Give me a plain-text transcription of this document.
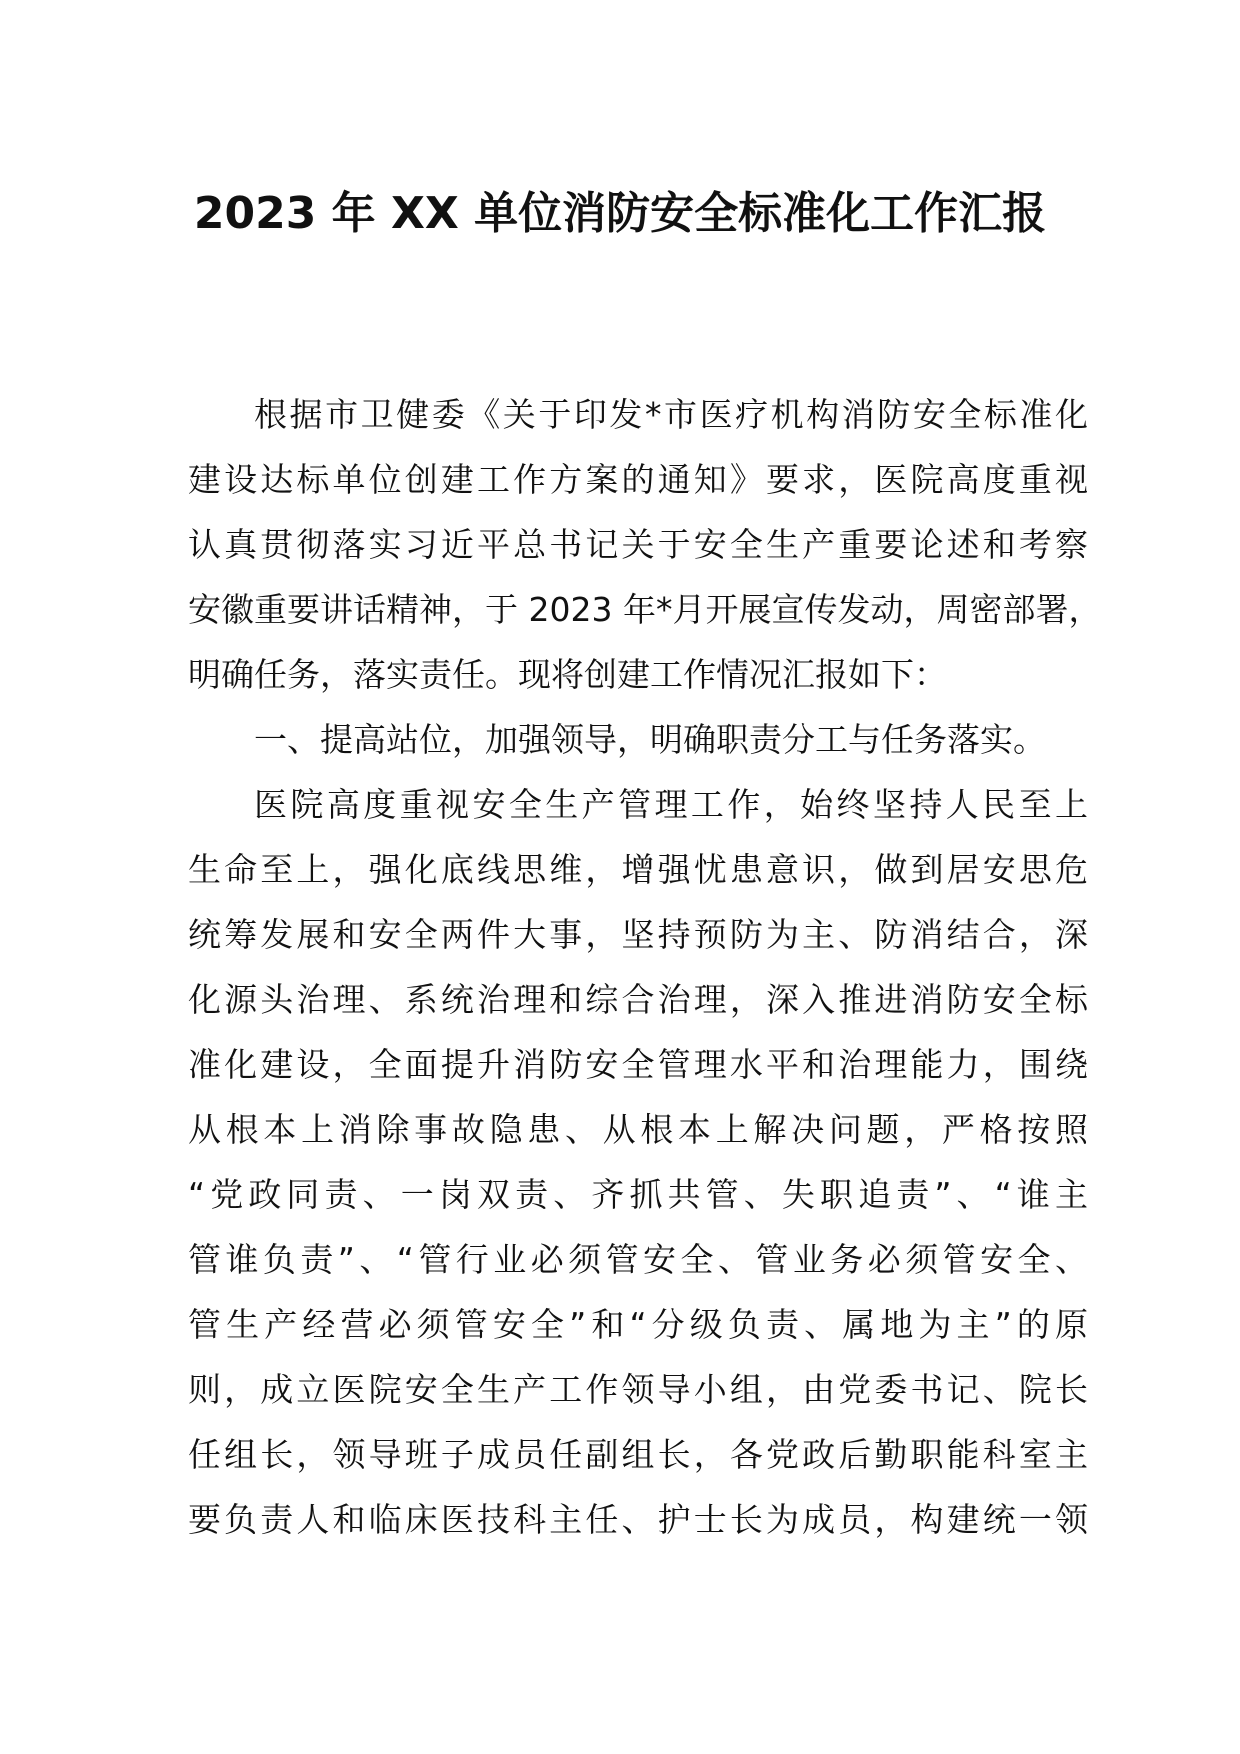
2023 年 XX 单位消防安全标准化工作汇报
根据市卫健委《关于印发*市医疗机构消防安全标准化
建设达标单位创建工作方案的通知》要求，医院高度重视
认真贯彻落实习近平总书记关于安全生产重要论述和考察
安徽重要讲话精神，于 2023 年*月开展宣传发动，周密部署，
明确任务，落实责任。现将创建工作情况汇报如下：
一、提高站位，加强领导，明确职责分工与任务落实。
医院高度重视安全生产管理工作，始终坚持人民至上
生命至上，强化底线思维，增强忧患意识，做到居安思危
统筹发展和安全两件大事，坚持预防为主、防消结合，深
化源头治理、系统治理和综合治理，深入推进消防安全标
准化建设，全面提升消防安全管理水平和治理能力，围绕
从根本上消除事故隐患、从根本上解决问题，严格按照
“党政同责、一岗双责、齐抓共管、失职追责”、“谁主
管谁负责”、“管行业必须管安全、管业务必须管安全、
管生产经营必须管安全”和“分级负责、属地为主”的原
则，成立医院安全生产工作领导小组，由党委书记、院长
任组长，领导班子成员任副组长，各党政后勤职能科室主
要负责人和临床医技科主任、护士长为成员，构建统一领
